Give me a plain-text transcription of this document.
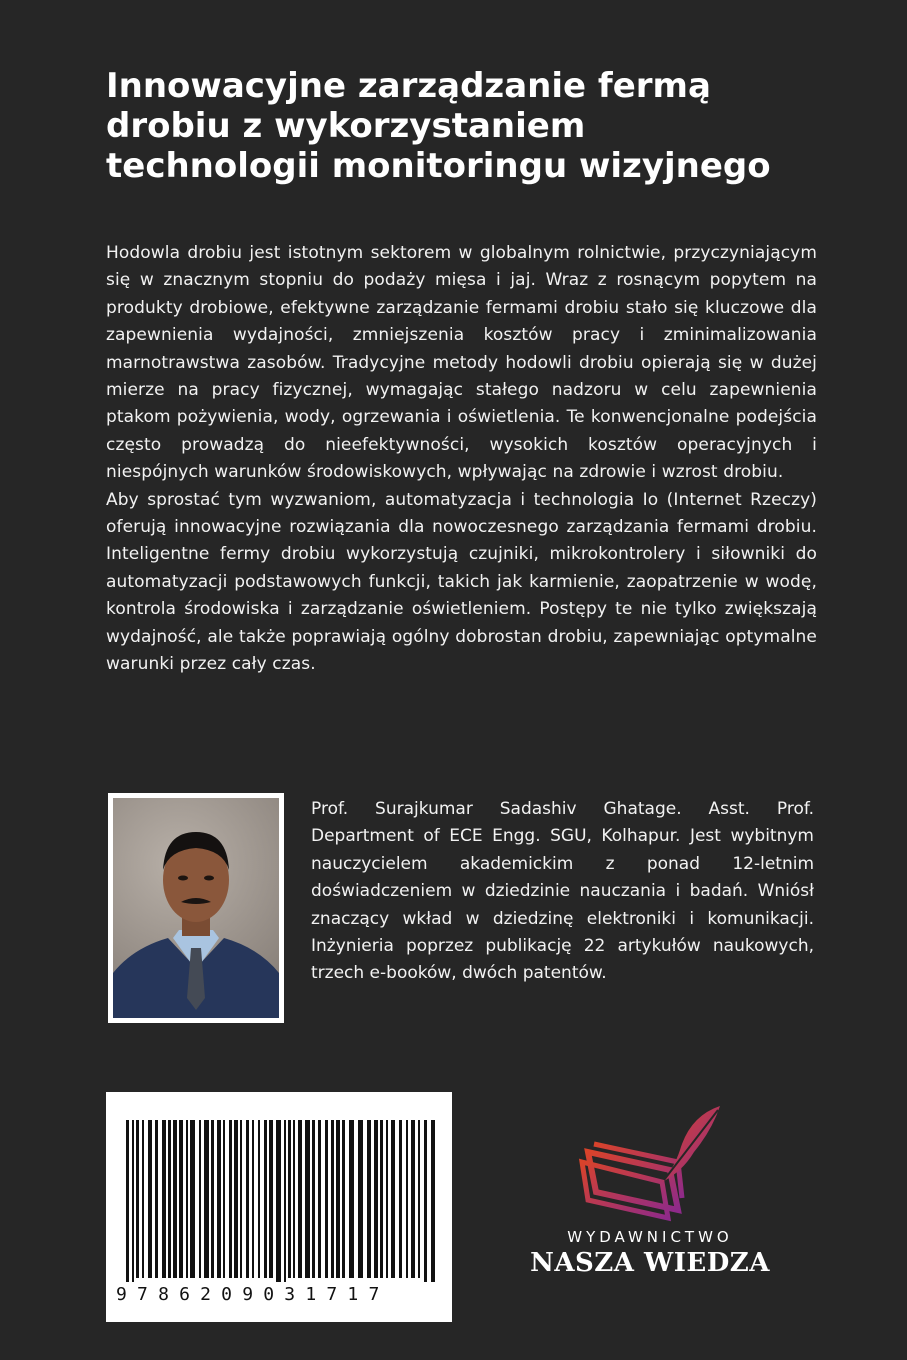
Innowacyjne zarządzanie fermą drobiu z wykorzystaniem technologii monitoringu wizyjnego

Hodowla drobiu jest istotnym sektorem w globalnym rolnictwie, przyczyniającym się w znacznym stopniu do podaży mięsa i jaj. Wraz z rosnącym popytem na produkty drobiowe, efektywne zarządzanie fermami drobiu stało się kluczowe dla zapewnienia wydajności, zmniejszenia kosztów pracy i zminimalizowania marnotrawstwa zasobów. Tradycyjne metody hodowli drobiu opierają się w dużej mierze na pracy fizycznej, wymagając stałego nadzoru w celu zapewnienia ptakom pożywienia, wody, ogrzewania i oświetlenia. Te konwencjonalne podejścia często prowadzą do nieefektywności, wysokich kosztów operacyjnych i niespójnych warunków środowiskowych, wpływając na zdrowie i wzrost drobiu.

Aby sprostać tym wyzwaniom, automatyzacja i technologia Io (Internet Rzeczy) oferują innowacyjne rozwiązania dla nowoczesnego zarządzania fermami drobiu. Inteligentne fermy drobiu wykorzystują czujniki, mikrokontrolery i siłowniki do automatyzacji podstawowych funkcji, takich jak karmienie, zaopatrzenie w wodę, kontrola środowiska i zarządzanie oświetleniem. Postępy te nie tylko zwiększają wydajność, ale także poprawiają ogólny dobrostan drobiu, zapewniając optymalne warunki przez cały czas.

Prof. Surajkumar Sadashiv Ghatage. Asst. Prof. Department of ECE Engg. SGU, Kolhapur. Jest wybitnym nauczycielem akademickim z ponad 12-letnim doświadczeniem w dziedzinie nauczania i badań. Wniósł znaczący wkład w dziedzinę elektroniki i komunikacji. Inżynieria poprzez publikację 22 artykułów naukowych, trzech e-booków, dwóch patentów.

9786209031717
WYDAWNICTWO
NASZA WIEDZA
